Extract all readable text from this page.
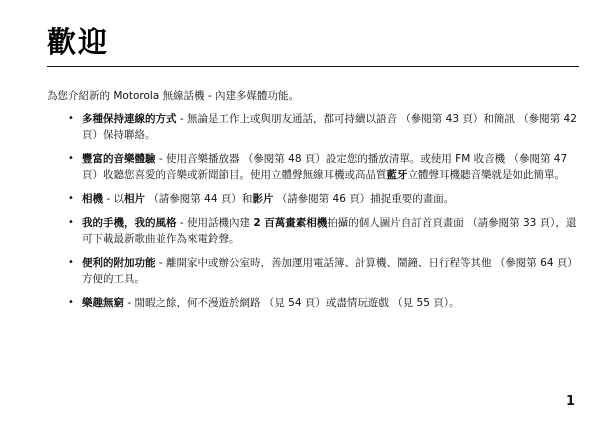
歡迎
為您介紹新的 Motorola 無線話機 - 內建多媒體功能。
• 多種保持連線的方式 - 無論是工作上或與朋友通話，都可持續以語音 （參閱第 43 頁）和簡訊 （參閱第 42 頁）保持聯絡。
• 豐富的音樂體驗 - 使用音樂播放器 （參閱第 48 頁）設定您的播放清單。或使用 FM 收音機 （參閱第 47 頁）收聽您喜愛的音樂或新聞節目。使用立體聲無線耳機或高品質藍牙立體聲耳機聽音樂就是如此簡單。
• 相機 - 以相片 （請參閱第 44 頁）和影片 （請參閱第 46 頁）捕捉重要的畫面。
• 我的手機，我的風格 - 使用話機內建 2 百萬畫素相機拍攝的個人圖片自訂首頁畫面 （請參閱第 33 頁），還可下載最新歌曲並作為來電鈴聲。
• 便利的附加功能 - 離開家中或辦公室時，善加運用電話簿、計算機、鬧鐘、日行程等其他 （參閱第 64 頁）方便的工具。
• 樂趣無窮 - 閒暇之餘，何不漫遊於網路 （見 54 頁）或盡情玩遊戲 （見 55 頁）。
1
